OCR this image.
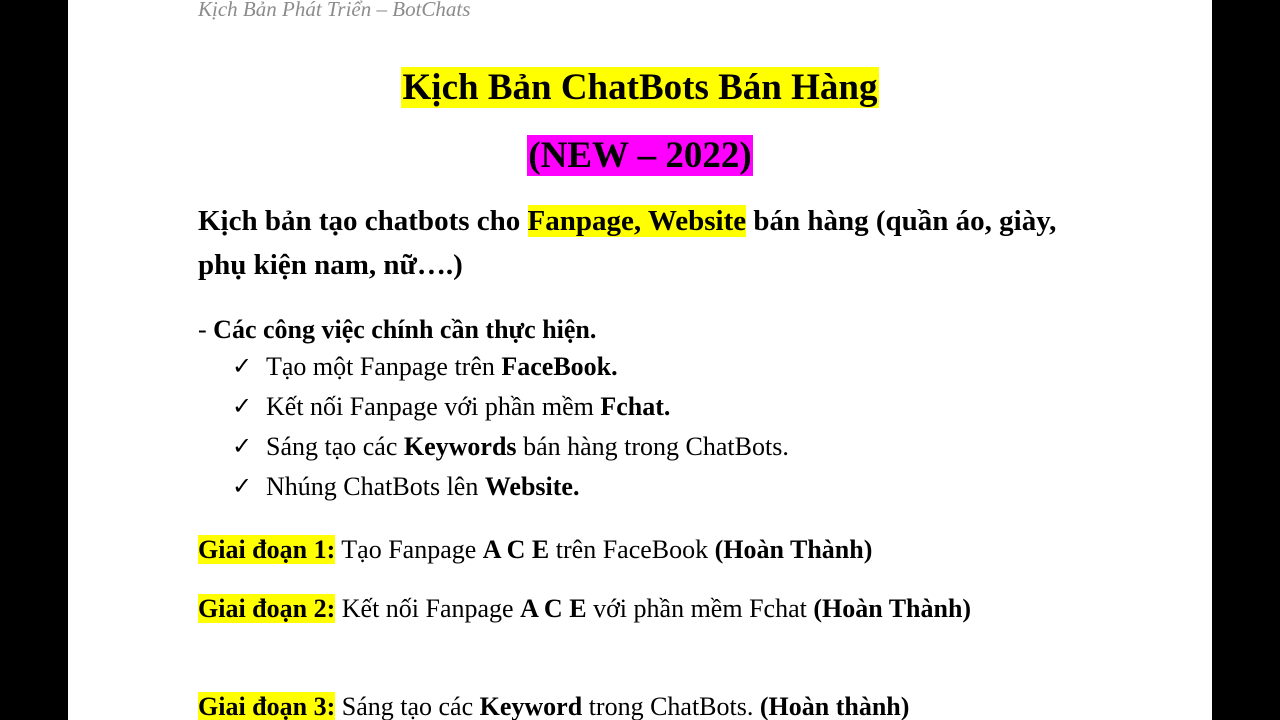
Kịch Bản Phát Triển – BotChats
Kịch Bản ChatBots Bán Hàng
(NEW – 2022)
Kịch bản tạo chatbots cho Fanpage, Website bán hàng (quần áo, giày, phụ kiện nam, nữ….)
- Các công việc chính cần thực hiện.
✓ Tạo một Fanpage trên FaceBook.
✓ Kết nối Fanpage với phần mềm Fchat.
✓ Sáng tạo các Keywords bán hàng trong ChatBots.
✓ Nhúng ChatBots lên Website.
Giai đoạn 1: Tạo Fanpage A C E trên FaceBook (Hoàn Thành)
Giai đoạn 2: Kết nối Fanpage A C E với phần mềm Fchat (Hoàn Thành)
Giai đoạn 3: Sáng tạo các Keyword trong ChatBots. (Hoàn thành)
